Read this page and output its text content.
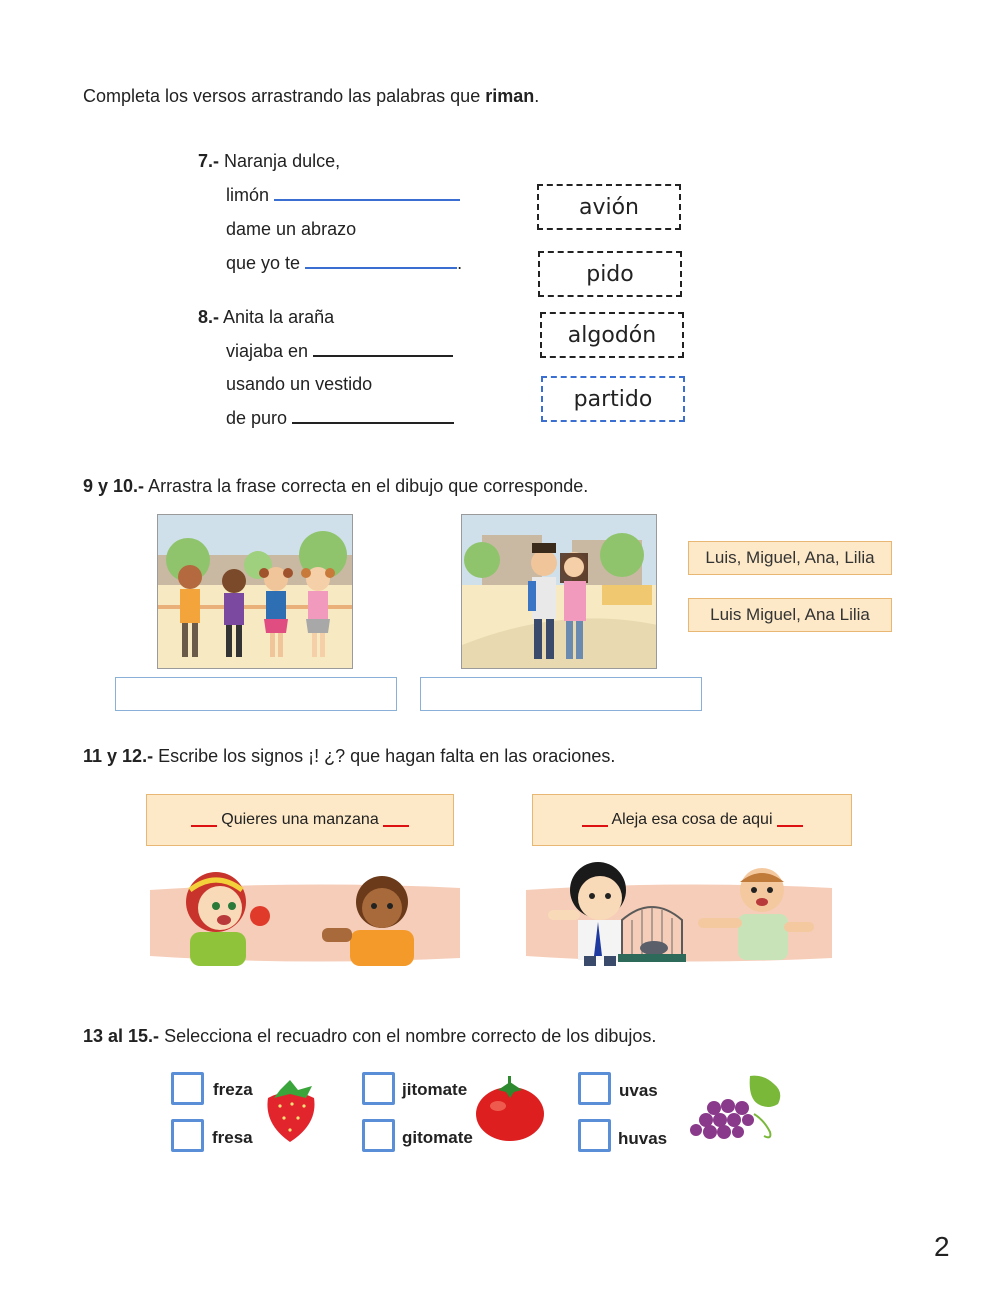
Completa los versos arrastrando las palabras que riman.
7.- Naranja dulce,
limón
dame un abrazo
que yo te	.
8.- Anita la araña
viajaba en
usando un vestido
de puro
avión
pido
algodón
partido
9 y 10.- Arrastra la frase correcta en el dibujo que corresponde.
Luis, Miguel, Ana, Lilia
Luis Miguel, Ana Lilia
11 y 12.- Escribe los signos ¡! ¿? que hagan falta en las oraciones.
Quieres una manzana	Aleja esa cosa de aqui
13 al 15.- Selecciona el recuadro con el nombre correcto de los dibujos.
freza
fresa
jitomate
gitomate
uvas
huvas
2
